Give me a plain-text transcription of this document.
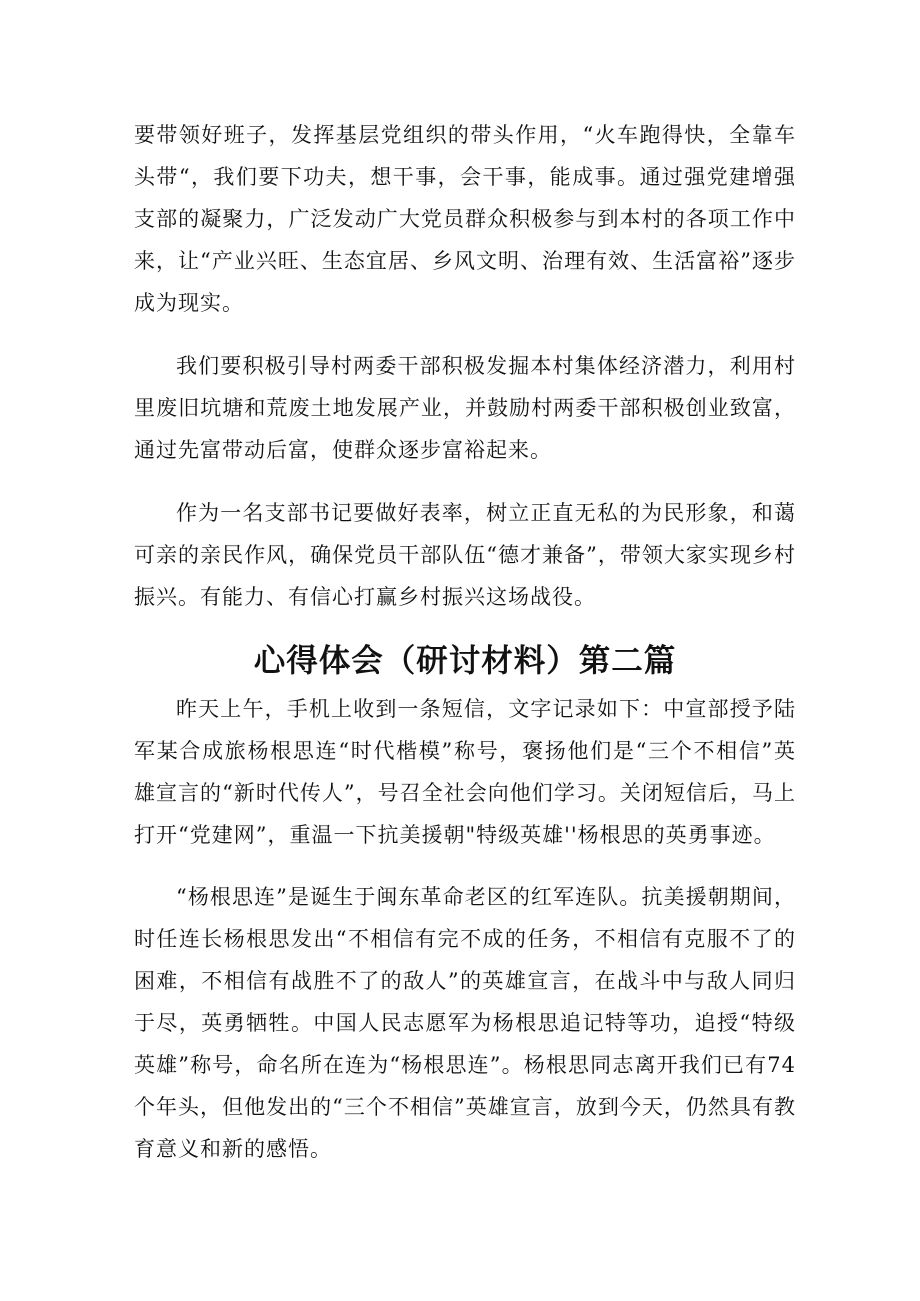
要带领好班子，发挥基层党组织的带头作用，“火车跑得快，全靠车头带“，我们要下功夫，想干事，会干事，能成事。通过强党建增强支部的凝聚力，广泛发动广大党员群众积极参与到本村的各项工作中来，让“产业兴旺、生态宜居、乡风文明、治理有效、生活富裕”逐步成为现实。

我们要积极引导村两委干部积极发掘本村集体经济潜力，利用村里废旧坑塘和荒废土地发展产业，并鼓励村两委干部积极创业致富，通过先富带动后富，使群众逐步富裕起来。

作为一名支部书记要做好表率，树立正直无私的为民形象，和蔼可亲的亲民作风，确保党员干部队伍“德才兼备”，带领大家实现乡村振兴。有能力、有信心打赢乡村振兴这场战役。

心得体会（研讨材料）第二篇

昨天上午，手机上收到一条短信，文字记录如下：中宣部授予陆军某合成旅杨根思连“时代楷模”称号，褒扬他们是“三个不相信”英雄宣言的“新时代传人”，号召全社会向他们学习。关闭短信后，马上打开“党建网”，重温一下抗美援朝"特级英雄''杨根思的英勇事迹。

“杨根思连”是诞生于闽东革命老区的红军连队。抗美援朝期间，时任连长杨根思发出“不相信有完不成的任务，不相信有克服不了的困难，不相信有战胜不了的敌人”的英雄宣言，在战斗中与敌人同归于尽，英勇牺牲。中国人民志愿军为杨根思追记特等功，追授“特级英雄”称号，命名所在连为“杨根思连”。杨根思同志离开我们已有74个年头，但他发出的“三个不相信”英雄宣言，放到今天，仍然具有教育意义和新的感悟。
